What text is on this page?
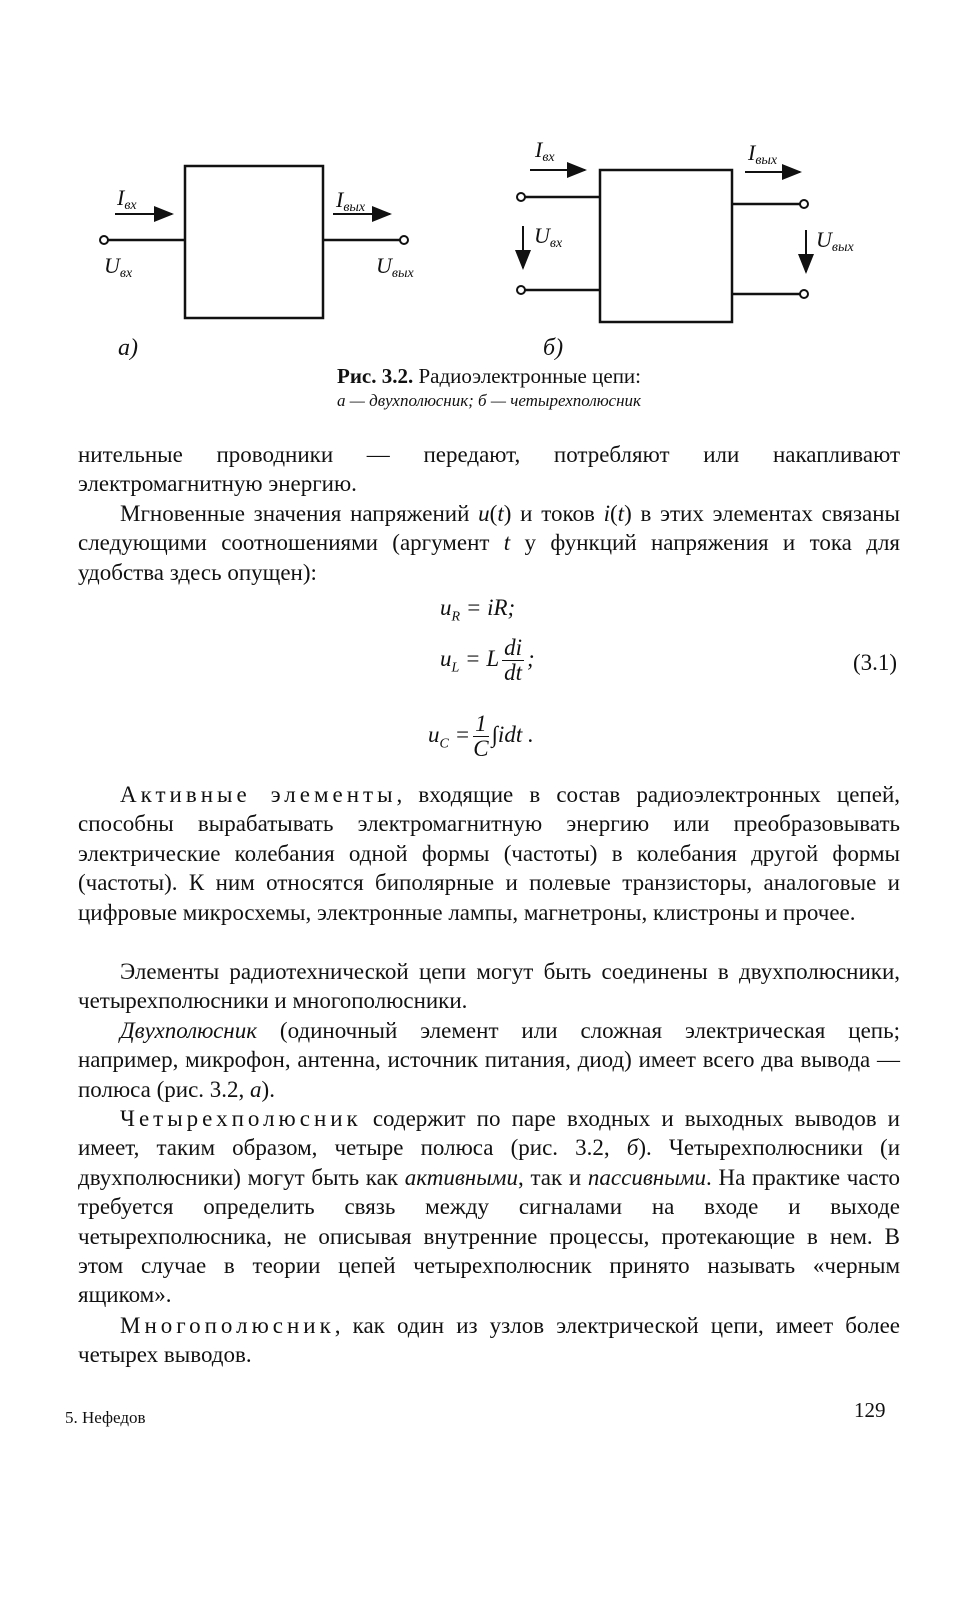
Iвх	Iвых
Uвх	Uвых
а)
Iвх	Iвых
Uвх	Uвых
б)
Рис. 3.2. Радиоэлектронные цепи:
а — двухполюсник; б — четырехполюсник

нительные проводники — передают, потребляют или накапливают электромагнитную энергию.

Мгновенные значения напряжений u(t) и токов i(t) в этих элементах связаны следующими соотношениями (аргумент t у функций напряжения и тока для удобства здесь опущен):

$u_R$ = iR;
$u_L = L \frac{di}{dt}$ ;
$u_C = \frac{1}{C} \int idt$ .
(3.1)

Активные элементы, входящие в состав радиоэлектронных цепей, способны вырабатывать электромагнитную энергию или преобразовывать электрические колебания одной формы (частоты) в колебания другой формы (частоты). К ним относятся биполярные и полевые транзисторы, аналоговые и цифровые микросхемы, электронные лампы, магнетроны, клистроны и прочее.

Элементы радиотехнической цепи могут быть соединены в двухполюсники, четырехполюсники и многополюсники.

Двухполюсник (одиночный элемент или сложная электрическая цепь; например, микрофон, антенна, источник питания, диод) имеет всего два вывода — полюса (рис. 3.2, а).

Четырехполюсник содержит по паре входных и выходных выводов и имеет, таким образом, четыре полюса (рис. 3.2, б). Четырехполюсники (и двухполюсники) могут быть как активными, так и пассивными. На практике часто требуется определить связь между сигналами на входе и выходе четырехполюсника, не описывая внутренние процессы, протекающие в нем. В этом случае в теории цепей четырехполюсник принято называть «черным ящиком».

Многополюсник, как один из узлов электрической цепи, имеет более четырех выводов.

5. Нефедов	129
